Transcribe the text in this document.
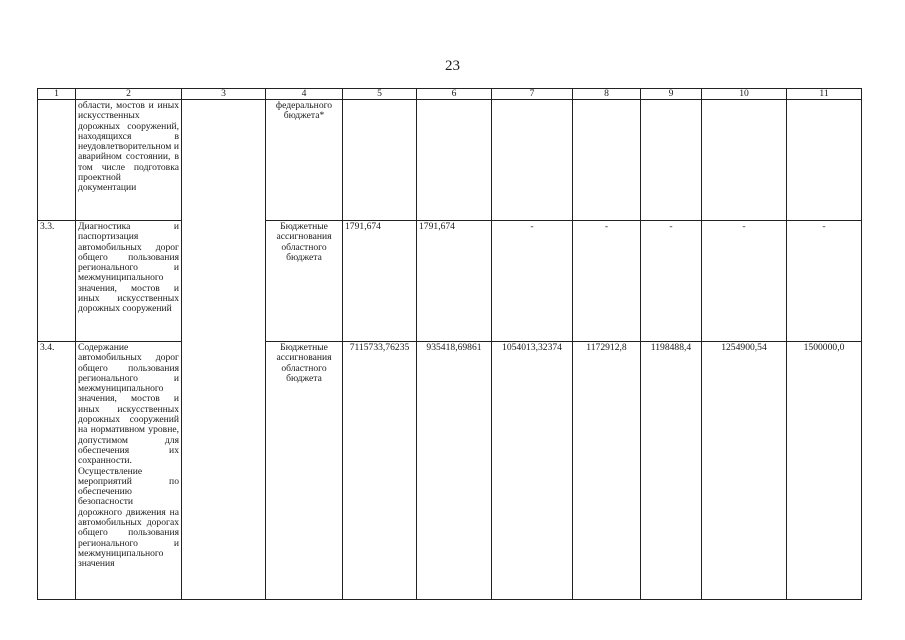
23
1	2	3	4	5	6	7	8	9	10	11
	области, мостов и иных искусственных дорожных сооружений, находящихся в неудовлетворительном и аварийном состоянии, в том числе подготовка проектной документации		федерального бюджета*							
3.3.	Диагностика и паспортизация автомобильных дорог общего пользования регионального и межмуниципального значения, мостов и иных искусственных дорожных сооружений		Бюджетные ассигнования областного бюджета	1791,674	1791,674	-	-	-	-	-
3.4.	Содержание автомобильных дорог общего пользования регионального и межмуниципального значения, мостов и иных искусственных дорожных сооружений на нормативном уровне, допустимом для обеспечения их сохранности. Осуществление мероприятий по обеспечению безопасности дорожного движения на автомобильных дорогах общего пользования регионального и межмуниципального значения		Бюджетные ассигнования областного бюджета	7115733,76235	935418,69861	1054013,32374	1172912,8	1198488,4	1254900,54	1500000,0
